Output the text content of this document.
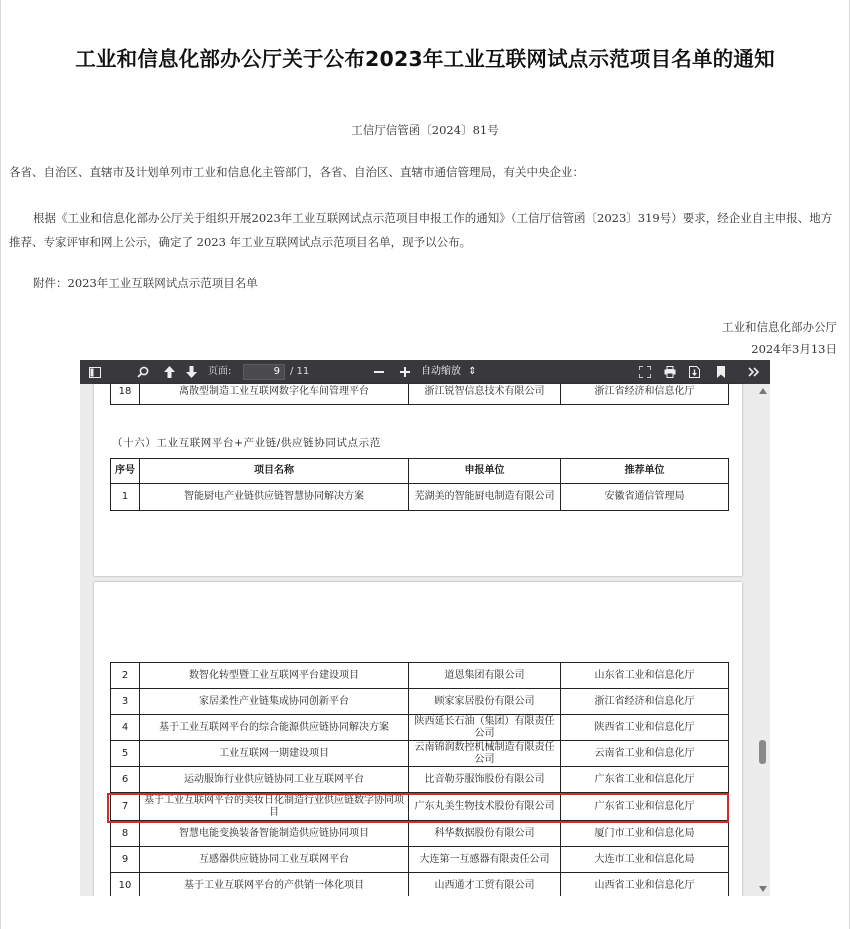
工业和信息化部办公厅关于公布2023年工业互联网试点示范项目名单的通知
工信厅信管函〔2024〕81号
各省、自治区、直辖市及计划单列市工业和信息化主管部门，各省、自治区、直辖市通信管理局，有关中央企业：
根据《工业和信息化部办公厅关于组织开展2023年工业互联网试点示范项目申报工作的通知》（工信厅信管函〔2023〕319号）要求，经企业自主申报、地方推荐、专家评审和网上公示，确定了 2023 年工业互联网试点示范项目名单，现予以公布。
附件：2023年工业互联网试点示范项目名单
工业和信息化部办公厅
2024年3月13日
页面:	9	/ 11	自动缩放 ⇕
18	离散型制造工业互联网数字化车间管理平台	浙江锐智信息技术有限公司	浙江省经济和信息化厅
（十六）工业互联网平台+产业链/供应链协同试点示范
序号	项目名称	申报单位	推荐单位
1	智能厨电产业链供应链智慧协同解决方案	芜湖美的智能厨电制造有限公司	安徽省通信管理局
2	数智化转型暨工业互联网平台建设项目	道恩集团有限公司	山东省工业和信息化厅
3	家居柔性产业链集成协同创新平台	顾家家居股份有限公司	浙江省经济和信息化厅
4	基于工业互联网平台的综合能源供应链协同解决方案	陕西延长石油（集团）有限责任公司	陕西省工业和信息化厅
5	工业互联网一期建设项目	云南锦润数控机械制造有限责任公司	云南省工业和信息化厅
6	运动服饰行业供应链协同工业互联网平台	比音勒芬服饰股份有限公司	广东省工业和信息化厅
7	基于工业互联网平台的美妆日化制造行业供应链数字协同项目	广东丸美生物技术股份有限公司	广东省工业和信息化厅
8	智慧电能变换装备智能制造供应链协同项目	科华数据股份有限公司	厦门市工业和信息化局
9	互感器供应链协同工业互联网平台	大连第一互感器有限责任公司	大连市工业和信息化局
10	基于工业互联网平台的产供销一体化项目	山西通才工贸有限公司	山西省工业和信息化厅
